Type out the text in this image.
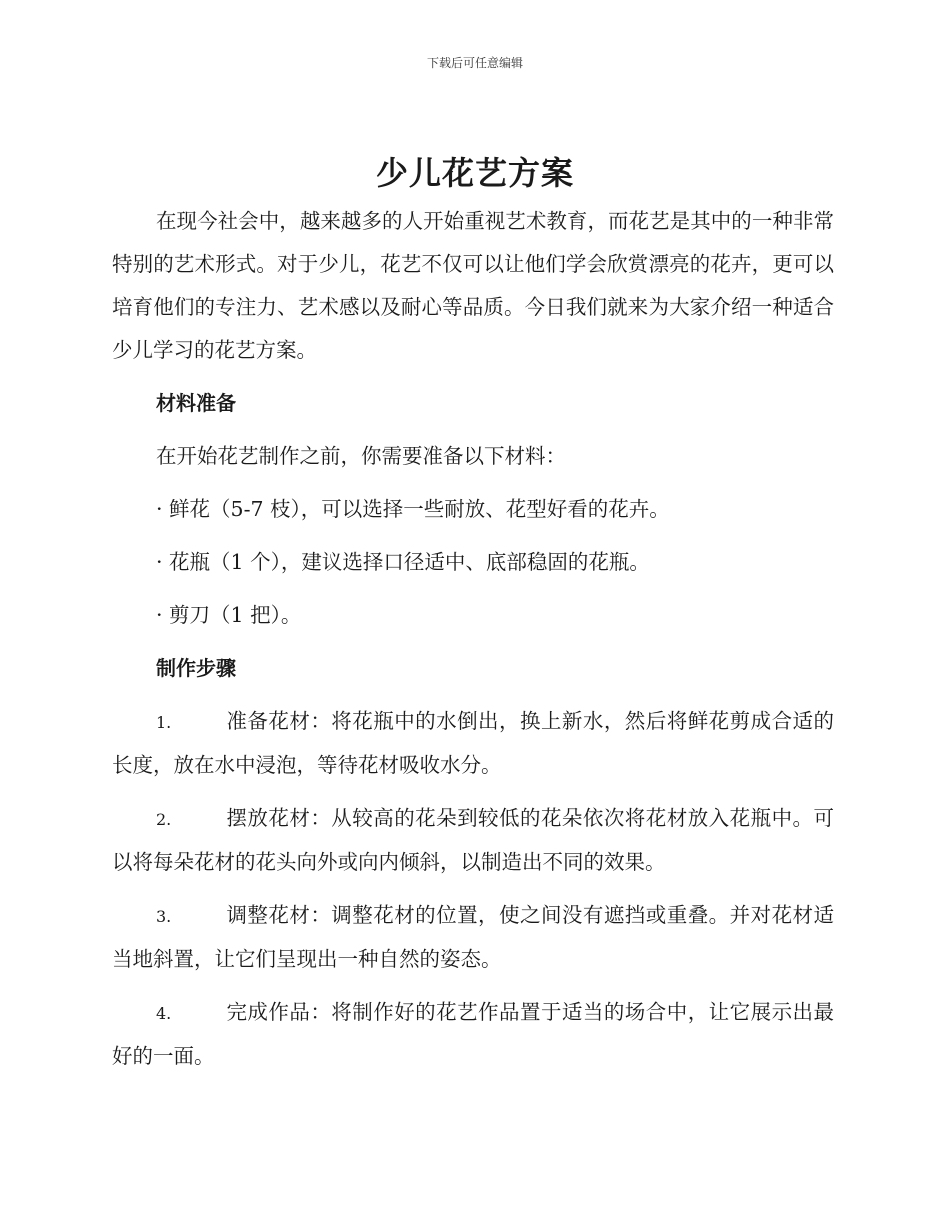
下载后可任意编辑
少儿花艺方案

在现今社会中，越来越多的人开始重视艺术教育，而花艺是其中的一种非常特别的艺术形式。对于少儿，花艺不仅可以让他们学会欣赏漂亮的花卉，更可以培育他们的专注力、艺术感以及耐心等品质。今日我们就来为大家介绍一种适合少儿学习的花艺方案。

材料准备

在开始花艺制作之前，你需要准备以下材料：

· 鲜花（5-7 枝），可以选择一些耐放、花型好看的花卉。

· 花瓶（1 个），建议选择口径适中、底部稳固的花瓶。

· 剪刀（1 把）。

制作步骤

1.	准备花材：将花瓶中的水倒出，换上新水，然后将鲜花剪成合适的长度，放在水中浸泡，等待花材吸收水分。

2.	摆放花材：从较高的花朵到较低的花朵依次将花材放入花瓶中。可以将每朵花材的花头向外或向内倾斜，以制造出不同的效果。

3.	调整花材：调整花材的位置，使之间没有遮挡或重叠。并对花材适当地斜置，让它们呈现出一种自然的姿态。

4.	完成作品：将制作好的花艺作品置于适当的场合中，让它展示出最好的一面。
